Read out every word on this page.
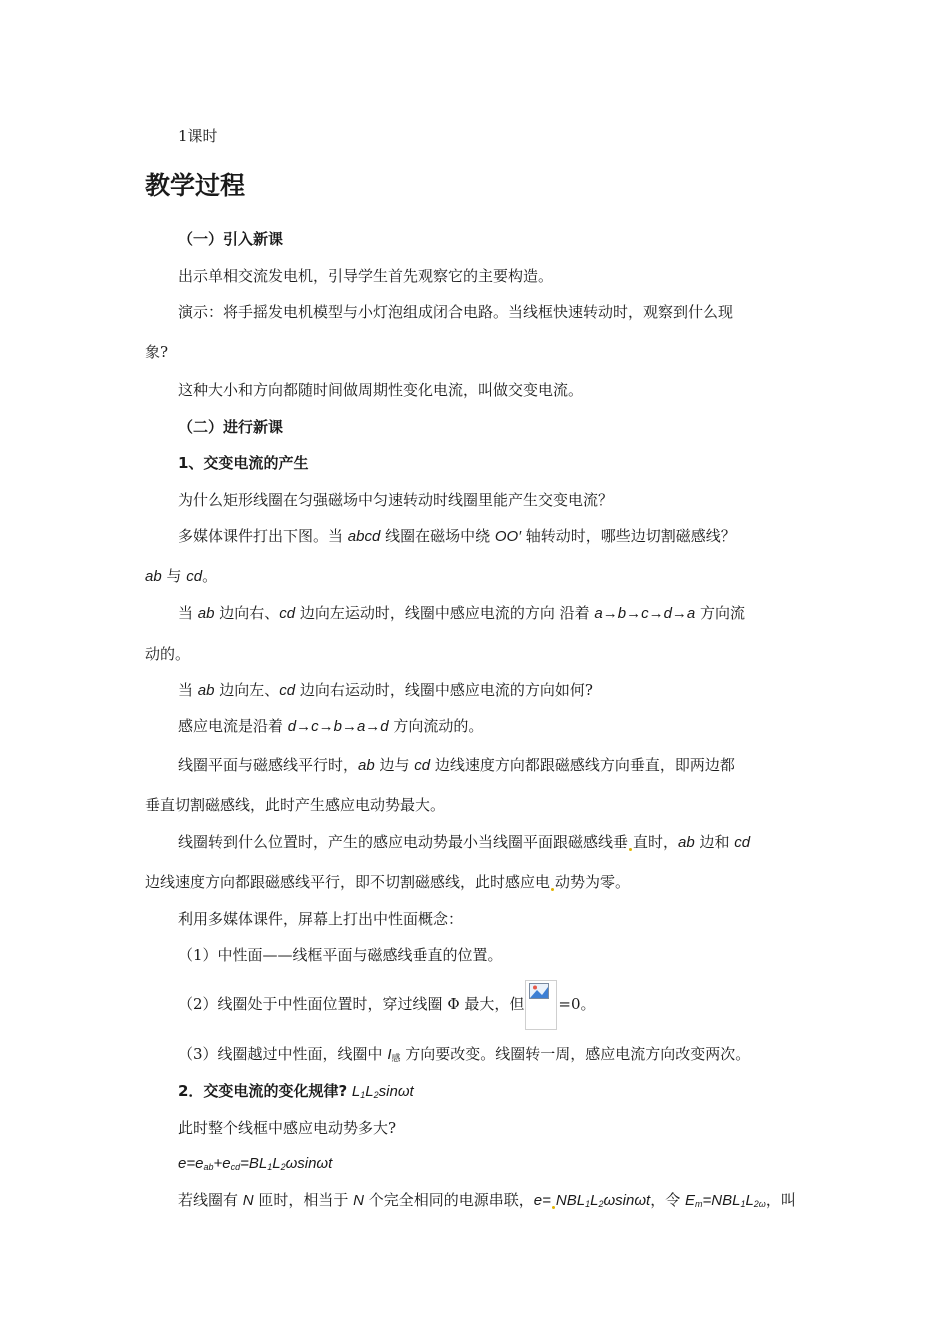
1课时
教学过程
（一）引入新课
出示单相交流发电机，引导学生首先观察它的主要构造。
演示：将手摇发电机模型与小灯泡组成闭合电路。当线框快速转动时，观察到什么现
象?
这种大小和方向都随时间做周期性变化电流，叫做交变电流。
（二）进行新课
1、交变电流的产生
为什么矩形线圈在匀强磁场中匀速转动时线圈里能产生交变电流？
多媒体课件打出下图。当 abcd 线圈在磁场中绕 OO′ 轴转动时，哪些边切割磁感线？
ab 与 cd。
当 ab 边向右、cd 边向左运动时，线圈中感应电流的方向 沿着 a→b→c→d→a 方向流
动的。
当 ab 边向左、cd 边向右运动时，线圈中感应电流的方向如何?
感应电流是沿着 d→c→b→a→d 方向流动的。
线圈平面与磁感线平行时，ab 边与 cd 边线速度方向都跟磁感线方向垂直，即两边都
垂直切割磁感线，此时产生感应电动势最大。
线圈转到什么位置时，产生的感应电动势最小当线圈平面跟磁感线垂 直时，ab 边和 cd
边线速度方向都跟磁感线平行，即不切割磁感线，此时感应电 动势为零。
利用多媒体课件，屏幕上打出中性面概念：
（1）中性面——线框平面与磁感线垂直的位置。
（2）线圈处于中性面位置时，穿过线圈 Φ 最大，但 =0。
（3）线圈越过中性面，线圈中 $I_感$ 方向要改变。线圈转一周，感应电流方向改变两次。
2．交变电流的变化规律? $L_1L_2\sin\omega t$
此时整个线框中感应电动势多大?
$e=e_{ab}+e_{cd}=BL_1L_2\omega\sin\omega t$
若线圈有 N 匝时，相当于 N 个完全相同的电源串联，$e= NBL_1L_2\omega\sin\omega t$，令 $E_m=NBL_1L_{2\omega}$，叫
